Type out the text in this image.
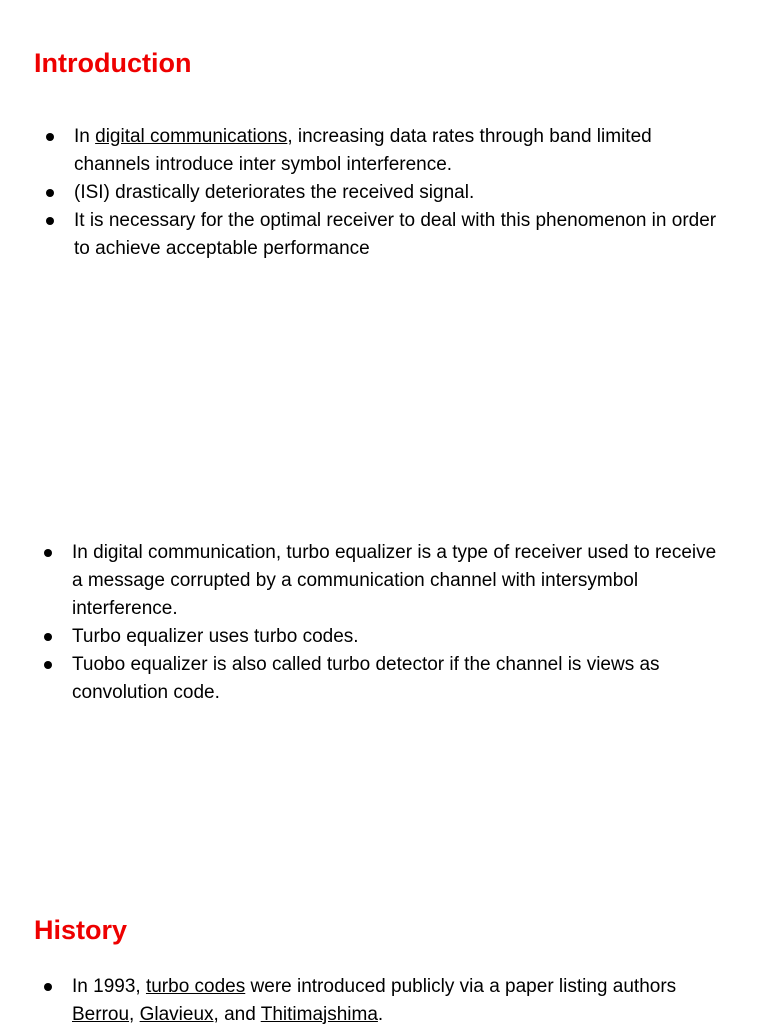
Introduction
In digital communications, increasing data rates through band limited channels introduce inter symbol interference.
(ISI) drastically deteriorates the received signal.
It is necessary for the optimal receiver to deal with this phenomenon in order to achieve acceptable performance
In digital communication, turbo equalizer is a type of receiver used to receive a message corrupted by a communication channel with intersymbol interference.
Turbo equalizer uses turbo codes.
Tuobo equalizer is also called turbo detector if the channel is views as convolution code.
History
In 1993, turbo codes were introduced publicly via a paper listing authors Berrou, Glavieux, and Thitimajshima.
